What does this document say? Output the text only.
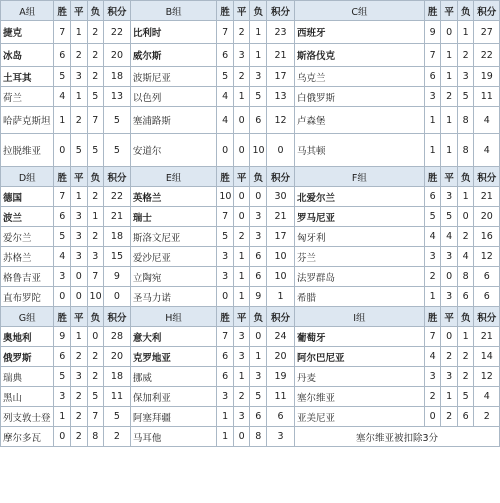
A组	胜	平	负	积分	B组	胜	平	负	积分	C组	胜	平	负	积分
捷克	7	1	2	22	比利时	7	2	1	23	西班牙	9	0	1	27
冰岛	6	2	2	20	威尔斯	6	3	1	21	斯洛伐克	7	1	2	22
土耳其	5	3	2	18	波斯尼亚	5	2	3	17	乌克兰	6	1	3	19
荷兰	4	1	5	13	以色列	4	1	5	13	白俄罗斯	3	2	5	11
哈萨克斯坦	1	2	7	5	塞浦路斯	4	0	6	12	卢森堡	1	1	8	4
拉脱维亚	0	5	5	5	安道尔	0	0	10	0	马其顿	1	1	8	4
D组	胜	平	负	积分	E组	胜	平	负	积分	F组	胜	平	负	积分
德国	7	1	2	22	英格兰	10	0	0	30	北爱尔兰	6	3	1	21
波兰	6	3	1	21	瑞士	7	0	3	21	罗马尼亚	5	5	0	20
爱尔兰	5	3	2	18	斯洛文尼亚	5	2	3	17	匈牙利	4	4	2	16
苏格兰	4	3	3	15	爱沙尼亚	3	1	6	10	芬兰	3	3	4	12
格鲁吉亚	3	0	7	9	立陶宛	3	1	6	10	法罗群岛	2	0	8	6
直布罗陀	0	0	10	0	圣马力诺	0	1	9	1	希腊	1	3	6	6
G组	胜	平	负	积分	H组	胜	平	负	积分	I组	胜	平	负	积分
奥地利	9	1	0	28	意大利	7	3	0	24	葡萄牙	7	0	1	21
俄罗斯	6	2	2	20	克罗地亚	6	3	1	20	阿尔巴尼亚	4	2	2	14
瑞典	5	3	2	18	挪威	6	1	3	19	丹麦	3	3	2	12
黑山	3	2	5	11	保加利亚	3	2	5	11	塞尔维亚	2	1	5	4
列支敦士登	1	2	7	5	阿塞拜疆	1	3	6	6	亚美尼亚	0	2	6	2
摩尔多瓦	0	2	8	2	马耳他	1	0	8	3	塞尔维亚被扣除3分				
